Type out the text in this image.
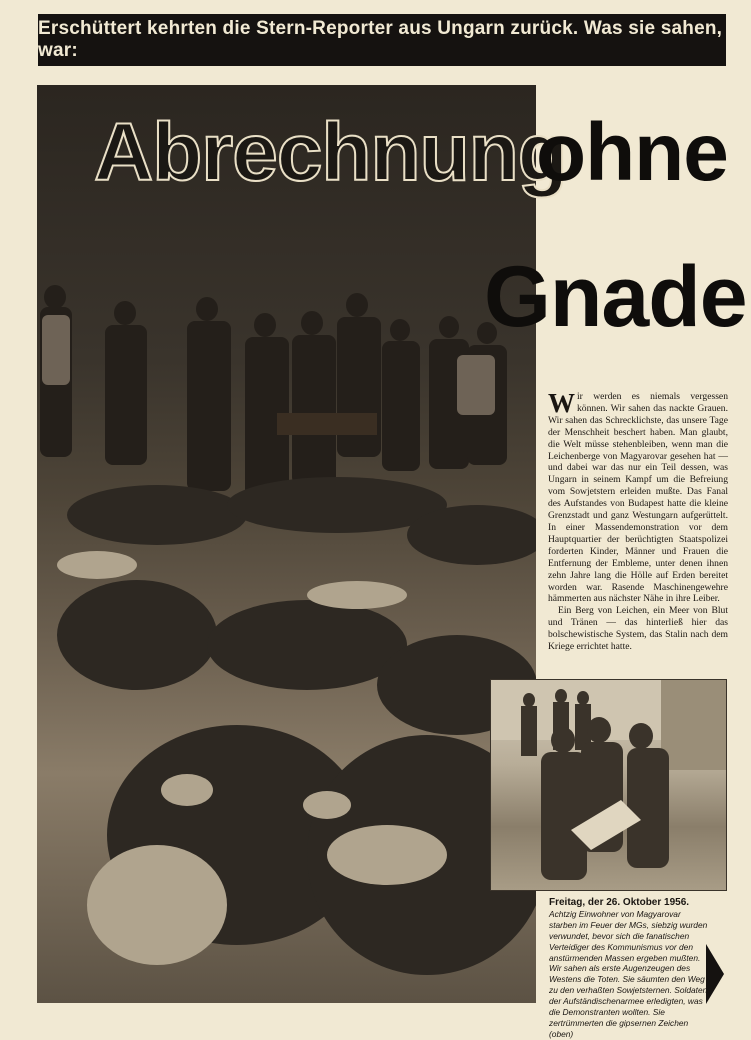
Erschüttert kehrten die Stern-Reporter aus Ungarn zurück. Was sie sahen, war:
Abrechnung
ohne
Gnade

Wir werden es niemals vergessen können. Wir sahen das nackte Grauen. Wir sahen das Schrecklichste, das unsere Tage der Menschheit beschert haben. Man glaubt, die Welt müsse stehenbleiben, wenn man die Leichenberge von Magyarovar gesehen hat — und dabei war das nur ein Teil dessen, was Ungarn in seinem Kampf um die Befreiung vom Sowjetstern erleiden mußte. Das Fanal des Aufstandes von Budapest hatte die kleine Grenzstadt und ganz Westungarn aufgerüttelt. In einer Massendemonstration vor dem Hauptquartier der berüchtigten Staatspolizei forderten Kinder, Männer und Frauen die Entfernung der Embleme, unter denen ihnen zehn Jahre lang die Hölle auf Erden bereitet worden war. Rasende Maschinengewehre hämmerten aus nächster Nähe in ihre Leiber.

Ein Berg von Leichen, ein Meer von Blut und Tränen — das hinterließ hier das bolschewistische System, das Stalin nach dem Kriege errichtet hatte.

Freitag, der 26. Oktober 1956. Achtzig Einwohner von Magyarovar starben im Feuer der MGs, siebzig wurden verwundet, bevor sich die fanatischen Verteidiger des Kommunismus vor den anstürmenden Massen ergeben mußten. Wir sahen als erste Augenzeugen des Westens die Toten. Sie säumten den Weg zu den verhaßten Sowjetsternen. Soldaten der Aufständischenarmee erledigten, was die Demonstranten wollten. Sie zertrümmerten die gipsernen Zeichen (oben)
